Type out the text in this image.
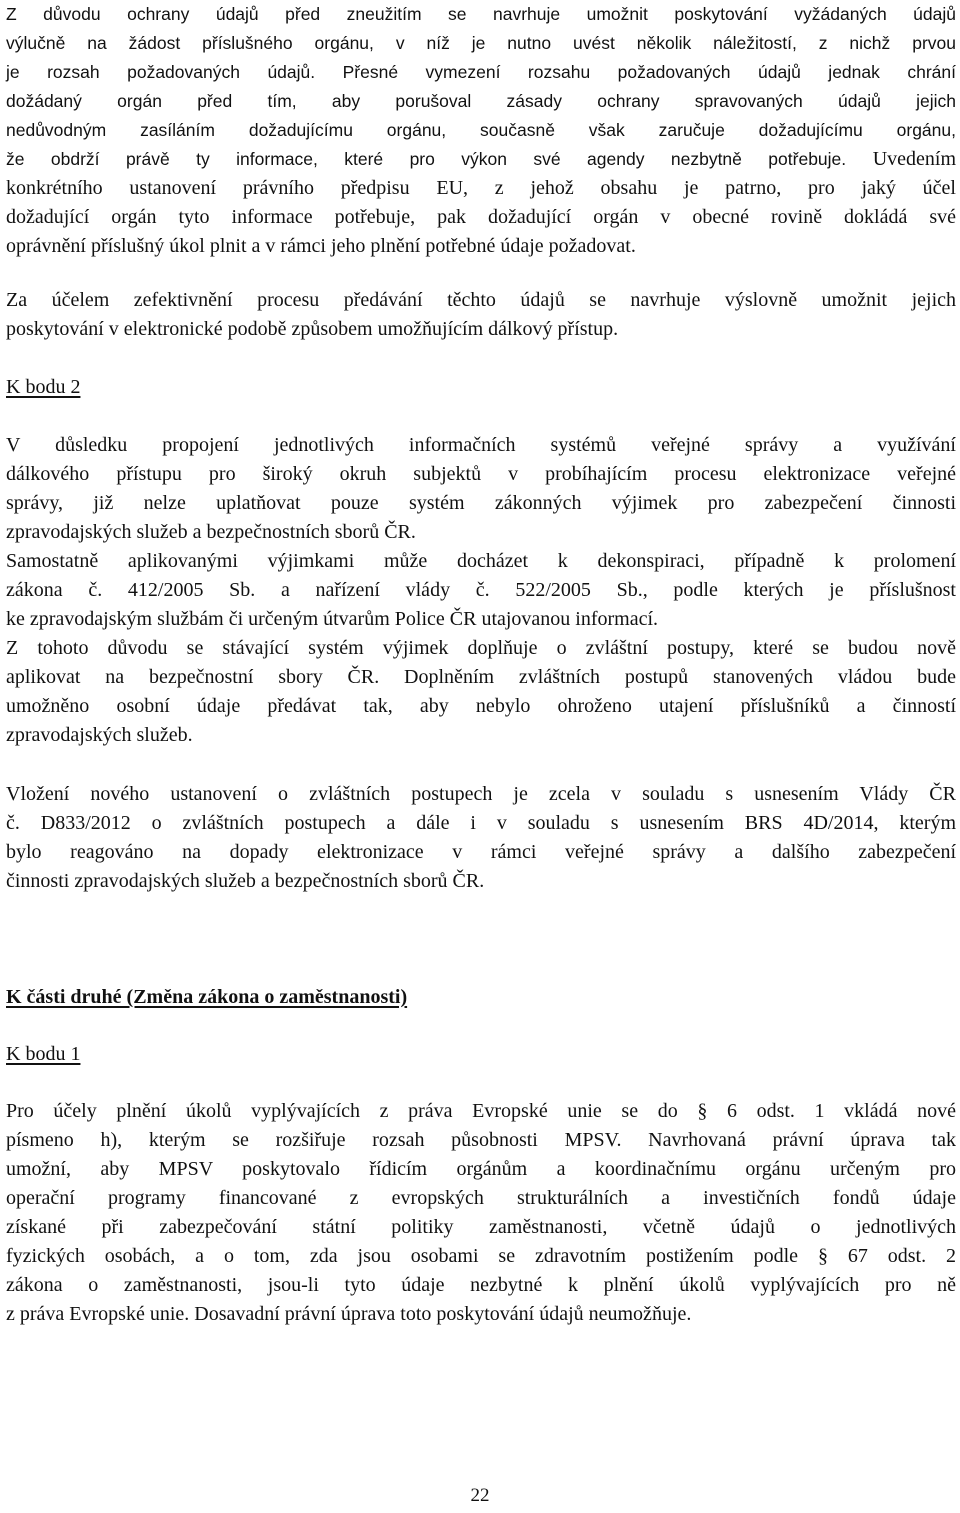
Z důvodu ochrany údajů před zneužitím se navrhuje umožnit poskytování vyžádaných údajů
výlučně na žádost příslušného orgánu, v níž je nutno uvést několik náležitostí, z nichž prvou
je rozsah požadovaných údajů. Přesné vymezení rozsahu požadovaných údajů jednak chrání
dožádaný orgán před tím, aby porušoval zásady ochrany spravovaných údajů jejich
nedůvodným zasíláním dožadujícímu orgánu, současně však zaručuje dožadujícímu orgánu,
že obdrží právě ty informace, které pro výkon své agendy nezbytně potřebuje. Uvedením
konkrétního ustanovení právního předpisu EU, z jehož obsahu je patrno, pro jaký účel
dožadující orgán tyto informace potřebuje, pak dožadující orgán v obecné rovině dokládá své
oprávnění příslušný úkol plnit a v rámci jeho plnění potřebné údaje požadovat.
Za účelem zefektivnění procesu předávání těchto údajů se navrhuje výslovně umožnit jejich
poskytování v elektronické podobě způsobem umožňujícím dálkový přístup.
K bodu 2
V důsledku propojení jednotlivých informačních systémů veřejné správy a využívání
dálkového přístupu pro široký okruh subjektů v probíhajícím procesu elektronizace veřejné
správy, již nelze uplatňovat pouze systém zákonných výjimek pro zabezpečení činnosti
zpravodajských služeb a bezpečnostních sborů ČR.
Samostatně aplikovanými výjimkami může docházet k dekonspiraci, případně k prolomení
zákona č. 412/2005 Sb. a nařízení vlády č. 522/2005 Sb., podle kterých je příslušnost
ke zpravodajským službám či určeným útvarům Police ČR utajovanou informací.
Z tohoto důvodu se stávající systém výjimek doplňuje o zvláštní postupy, které se budou nově
aplikovat na bezpečnostní sbory ČR. Doplněním zvláštních postupů stanovených vládou bude
umožněno osobní údaje předávat tak, aby nebylo ohroženo utajení příslušníků a činností
zpravodajských služeb.
Vložení nového ustanovení o zvláštních postupech je zcela v souladu s usnesením Vlády ČR
č. D833/2012 o zvláštních postupech a dále i v souladu s usnesením BRS 4D/2014, kterým
bylo reagováno na dopady elektronizace v rámci veřejné správy a dalšího zabezpečení
činnosti zpravodajských služeb a bezpečnostních sborů ČR.
K části druhé (Změna zákona o zaměstnanosti)
K bodu 1
Pro účely plnění úkolů vyplývajících z práva Evropské unie se do § 6 odst. 1 vkládá nové
písmeno h), kterým se rozšiřuje rozsah působnosti MPSV. Navrhovaná právní úprava tak
umožní, aby MPSV poskytovalo řídicím orgánům a koordinačnímu orgánu určeným pro
operační programy financované z evropských strukturálních a investičních fondů údaje
získané při zabezpečování státní politiky zaměstnanosti, včetně údajů o jednotlivých
fyzických osobách, a o tom, zda jsou osobami se zdravotním postižením podle § 67 odst. 2
zákona o zaměstnanosti, jsou-li tyto údaje nezbytné k plnění úkolů vyplývajících pro ně
z práva Evropské unie. Dosavadní právní úprava toto poskytování údajů neumožňuje.
22
